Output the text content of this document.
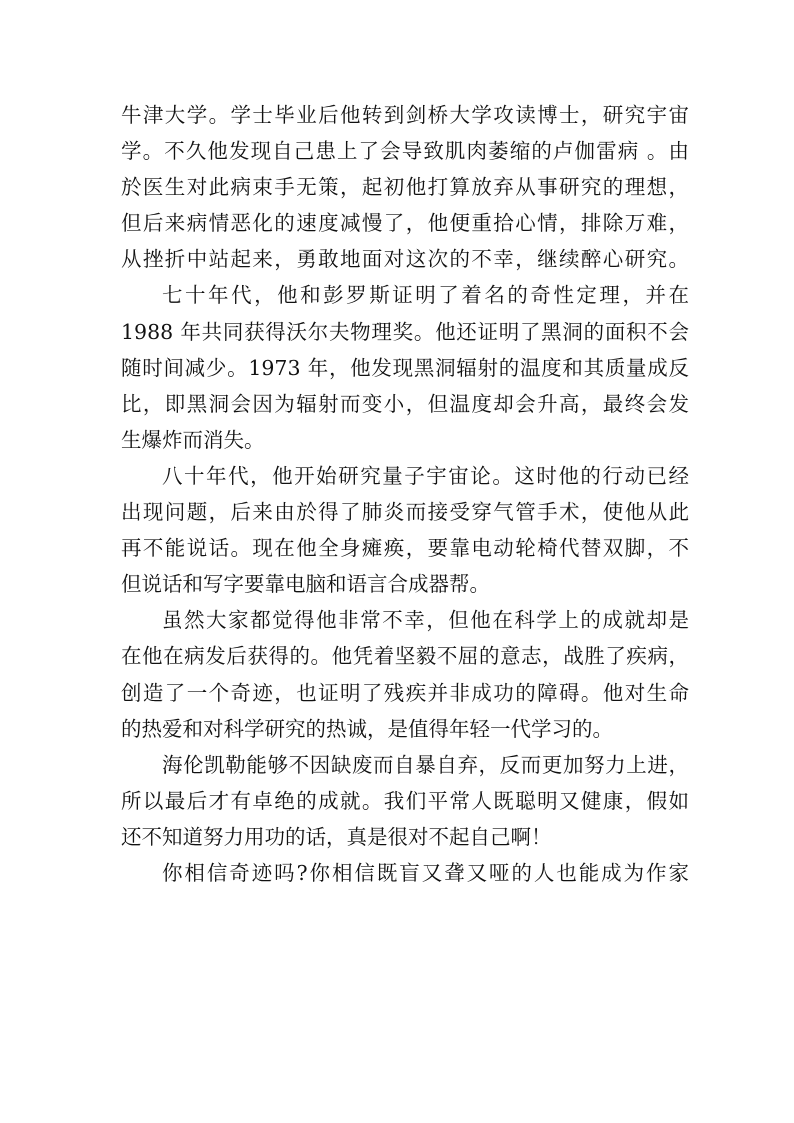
牛津大学。学士毕业后他转到剑桥大学攻读博士，研究宇宙
学。不久他发现自己患上了会导致肌肉萎缩的卢伽雷病 。由
於医生对此病束手无策，起初他打算放弃从事研究的理想，
但后来病情恶化的速度减慢了，他便重拾心情，排除万难，
从挫折中站起来，勇敢地面对这次的不幸，继续醉心研究。
七十年代，他和彭罗斯证明了着名的奇性定理，并在
1988 年共同获得沃尔夫物理奖。他还证明了黑洞的面积不会
随时间减少。1973 年，他发现黑洞辐射的温度和其质量成反
比，即黑洞会因为辐射而变小，但温度却会升高，最终会发
生爆炸而消失。
八十年代，他开始研究量子宇宙论。这时他的行动已经
出现问题，后来由於得了肺炎而接受穿气管手术，使他从此
再不能说话。现在他全身瘫痪，要靠电动轮椅代替双脚，不
但说话和写字要靠电脑和语言合成器帮。
虽然大家都觉得他非常不幸，但他在科学上的成就却是
在他在病发后获得的。他凭着坚毅不屈的意志，战胜了疾病，
创造了一个奇迹，也证明了残疾并非成功的障碍。他对生命
的热爱和对科学研究的热诚，是值得年轻一代学习的。
海伦凯勒能够不因缺废而自暴自弃，反而更加努力上进，
所以最后才有卓绝的成就。我们平常人既聪明又健康，假如
还不知道努力用功的话，真是很对不起自己啊！
你相信奇迹吗?你相信既盲又聋又哑的人也能成为作家
